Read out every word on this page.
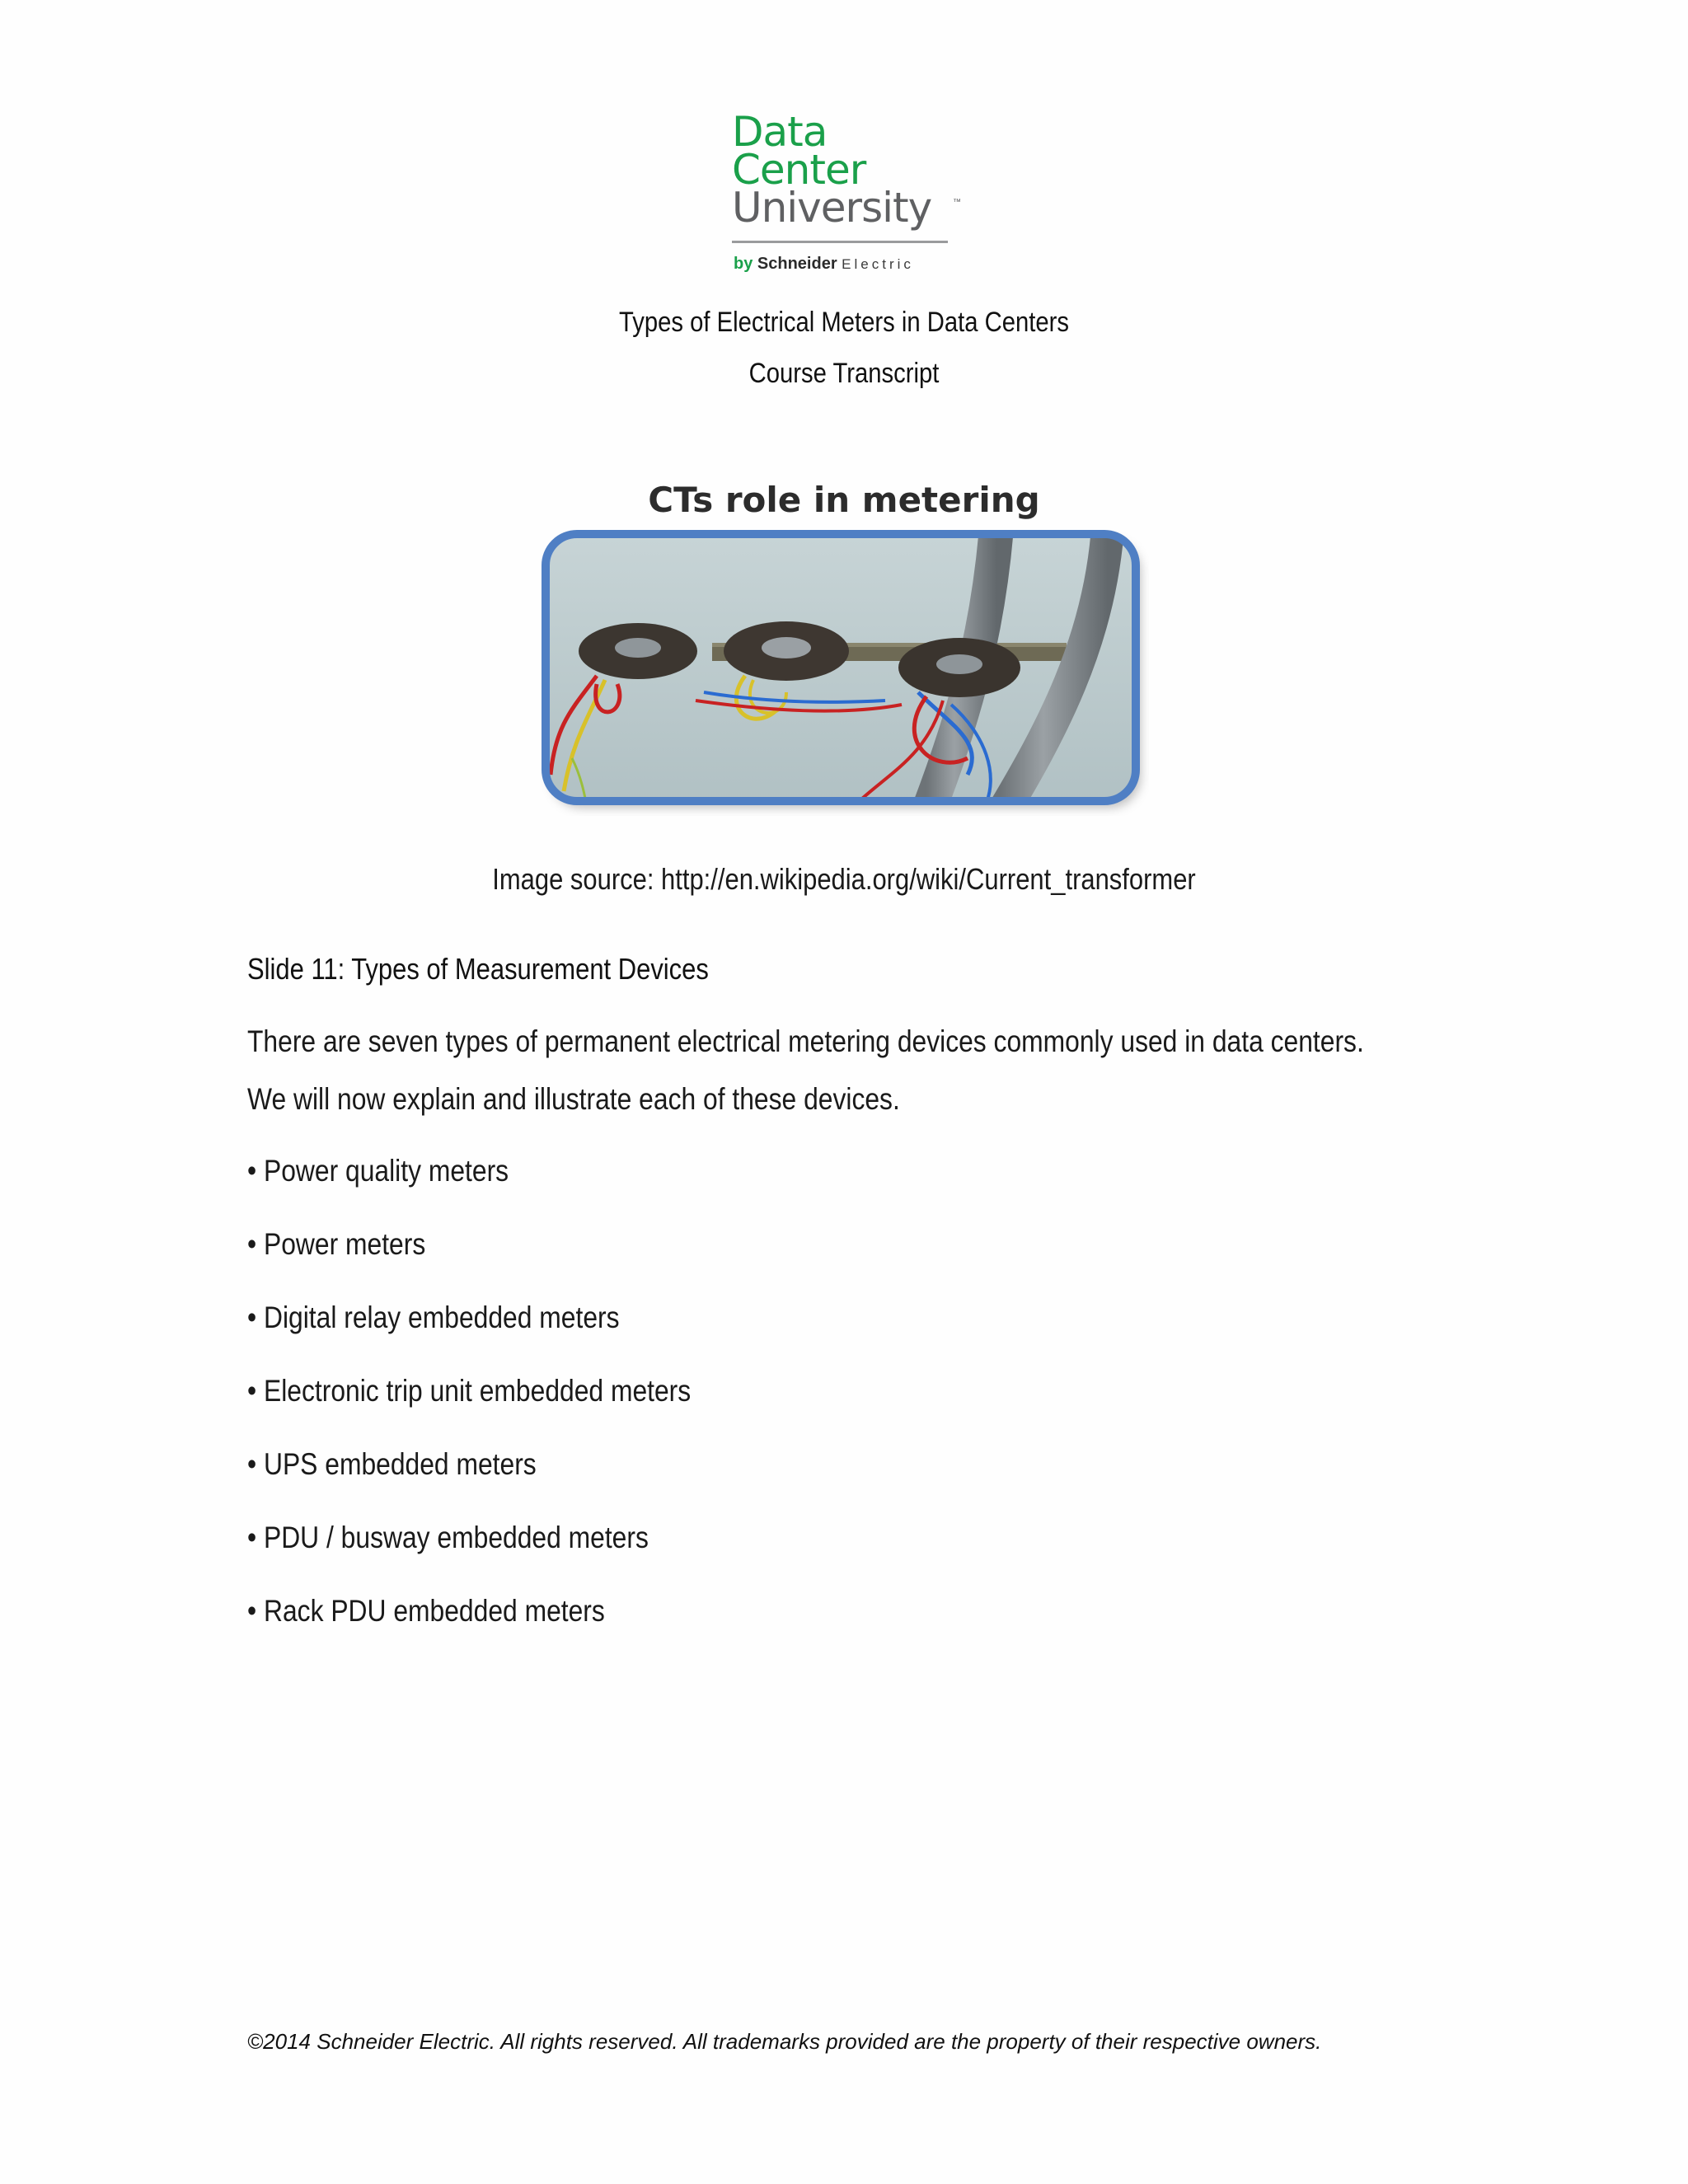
Data
Center
University	™
by Schneider Electric
Types of Electrical Meters in Data Centers
Course Transcript
CTs role in metering
Image source: http://en.wikipedia.org/wiki/Current_transformer
Slide 11: Types of Measurement Devices
There are seven types of permanent electrical metering devices commonly used in data centers.
We will now explain and illustrate each of these devices.
• Power quality meters
• Power meters
• Digital relay embedded meters
• Electronic trip unit embedded meters
• UPS embedded meters
• PDU / busway embedded meters
• Rack PDU embedded meters
©2014 Schneider Electric. All rights reserved. All trademarks provided are the property of their respective owners.
